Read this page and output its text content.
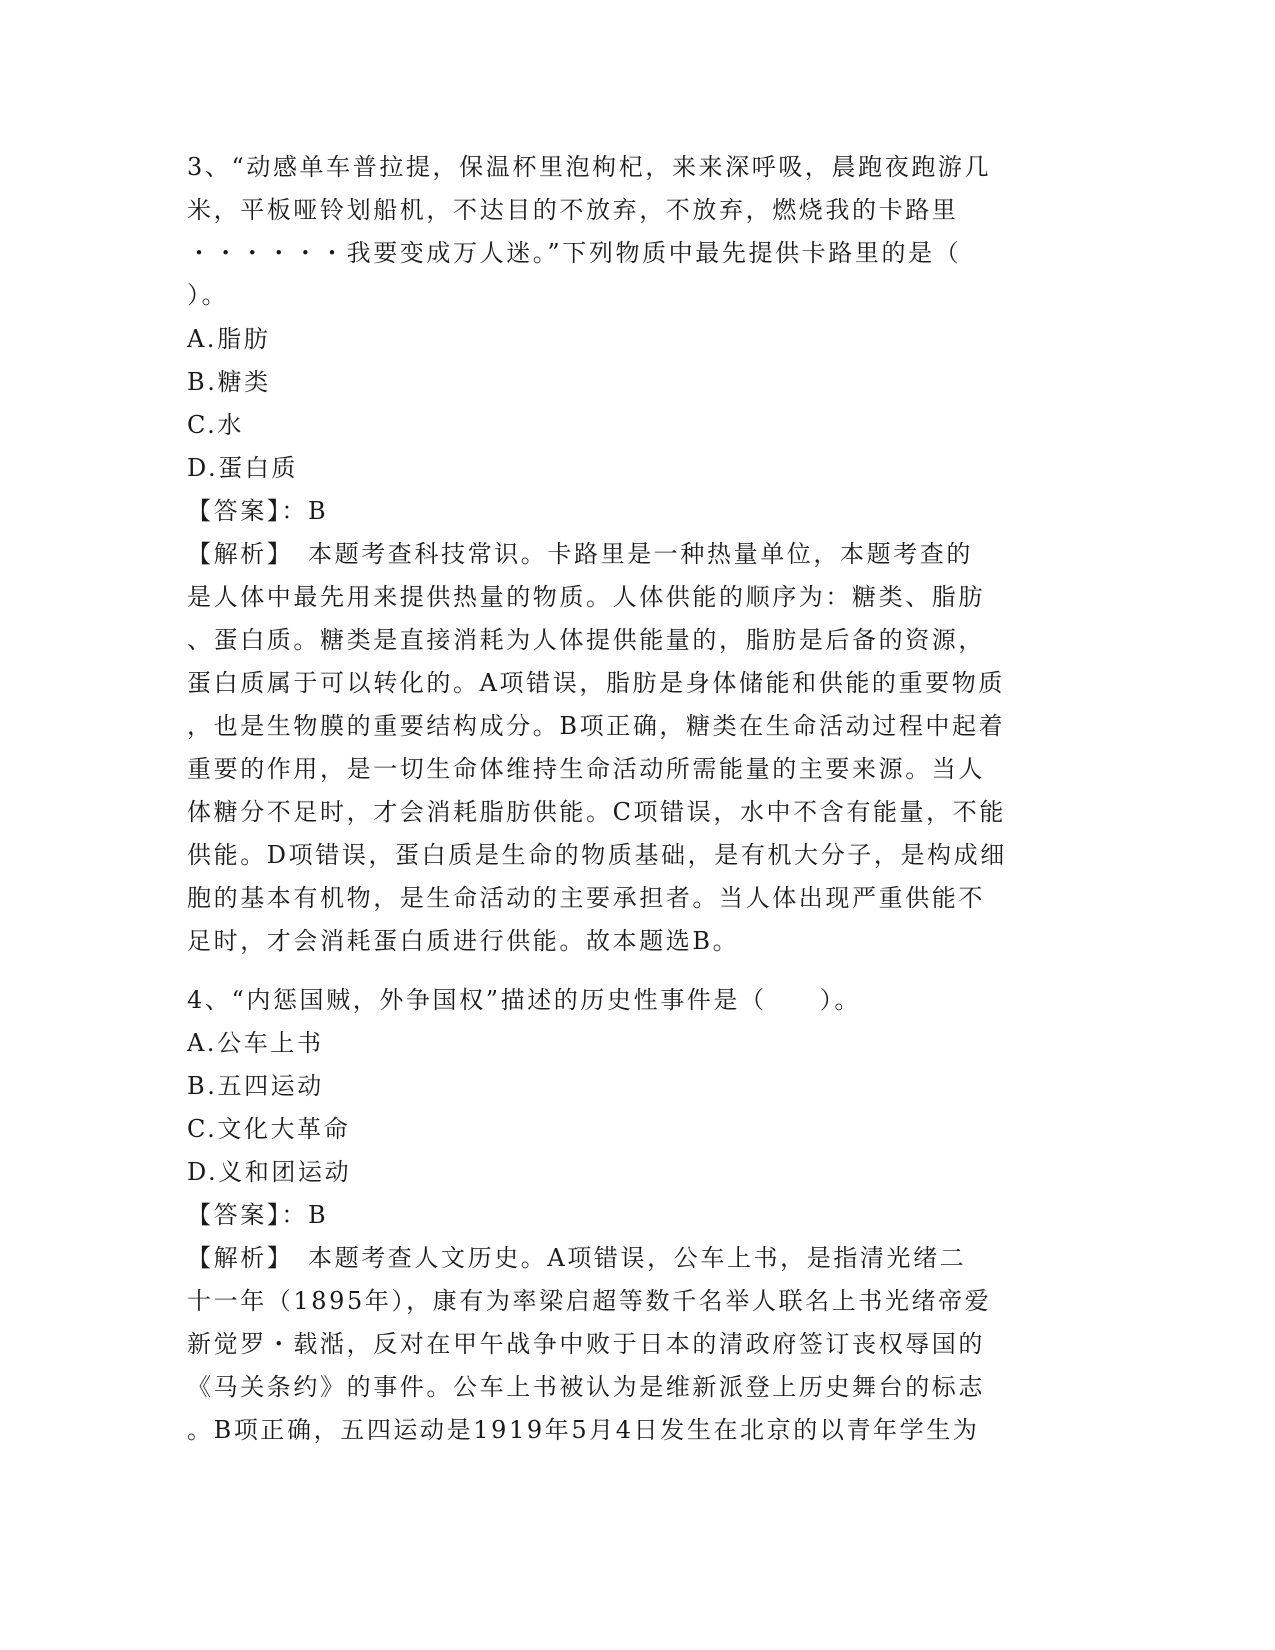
3、“动感单车普拉提，保温杯里泡枸杞，来来深呼吸，晨跑夜跑游几
米，平板哑铃划船机，不达目的不放弃，不放弃，燃烧我的卡路里
・・・・・・我要变成万人迷。”下列物质中最先提供卡路里的是（
）。
A.脂肪
B.糖类
C.水
D.蛋白质
【答案】：B
【解析】　本题考查科技常识。卡路里是一种热量单位，本题考查的
是人体中最先用来提供热量的物质。人体供能的顺序为：糖类、脂肪
、蛋白质。糖类是直接消耗为人体提供能量的，脂肪是后备的资源，
蛋白质属于可以转化的。A项错误，脂肪是身体储能和供能的重要物质
，也是生物膜的重要结构成分。B项正确，糖类在生命活动过程中起着
重要的作用，是一切生命体维持生命活动所需能量的主要来源。当人
体糖分不足时，才会消耗脂肪供能。C项错误，水中不含有能量，不能
供能。D项错误，蛋白质是生命的物质基础，是有机大分子，是构成细
胞的基本有机物，是生命活动的主要承担者。当人体出现严重供能不
足时，才会消耗蛋白质进行供能。故本题选B。
4、“内惩国贼，外争国权”描述的历史性事件是（　　）。
A.公车上书
B.五四运动
C.文化大革命
D.义和团运动
【答案】：B
【解析】　本题考查人文历史。A项错误，公车上书，是指清光绪二
十一年（1895年），康有为率梁启超等数千名举人联名上书光绪帝爱
新觉罗・载湉，反对在甲午战争中败于日本的清政府签订丧权辱国的
《马关条约》的事件。公车上书被认为是维新派登上历史舞台的标志
。B项正确，五四运动是1919年5月4日发生在北京的以青年学生为
